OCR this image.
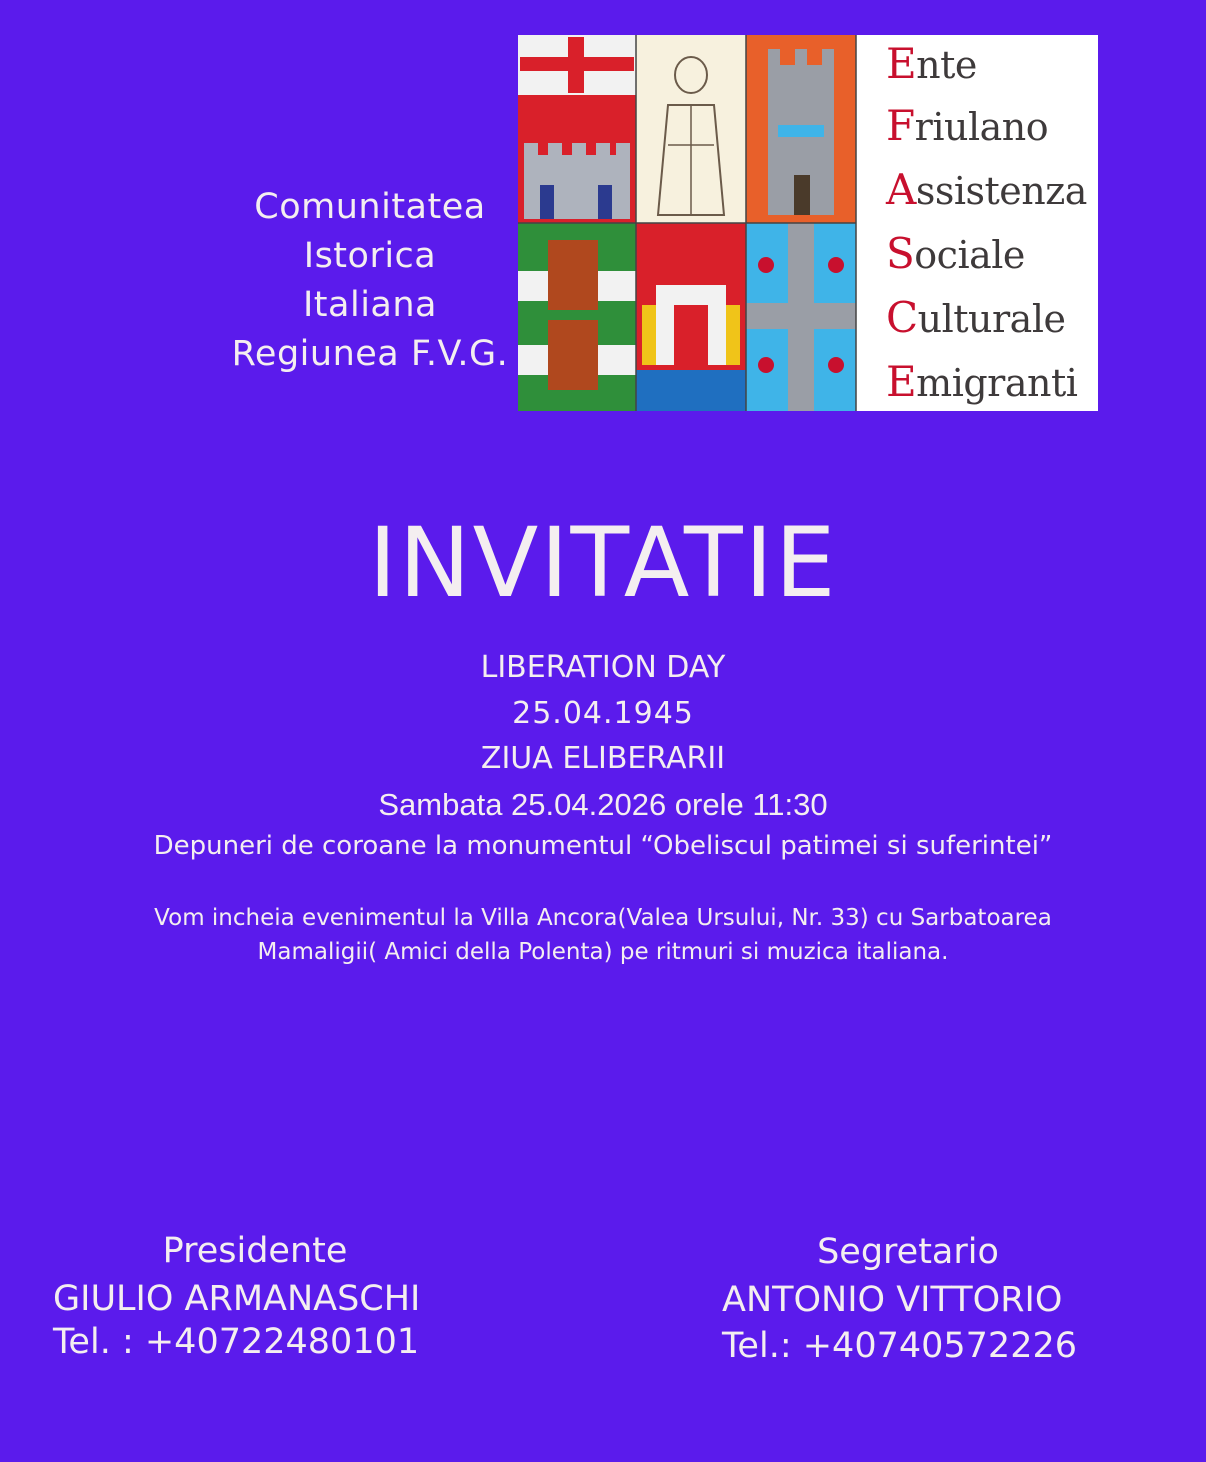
Comunitatea
Istorica
Italiana
Regiunea F.V.G.
Ente
Friulano
Assistenza
Sociale
Culturale
Emigranti
INVITATIE
LIBERATION DAY
25.04.1945
ZIUA ELIBERARII
Sambata 25.04.2026 orele 11:30
Depuneri de coroane la monumentul “Obeliscul patimei si suferintei”
Vom incheia evenimentul la Villa Ancora(Valea Ursului, Nr. 33) cu Sarbatoarea
Mamaligii( Amici della Polenta) pe ritmuri si muzica italiana.
Presidente
GIULIO ARMANASCHI
Tel. : +40722480101
Segretario
ANTONIO VITTORIO
Tel.: +40740572226
